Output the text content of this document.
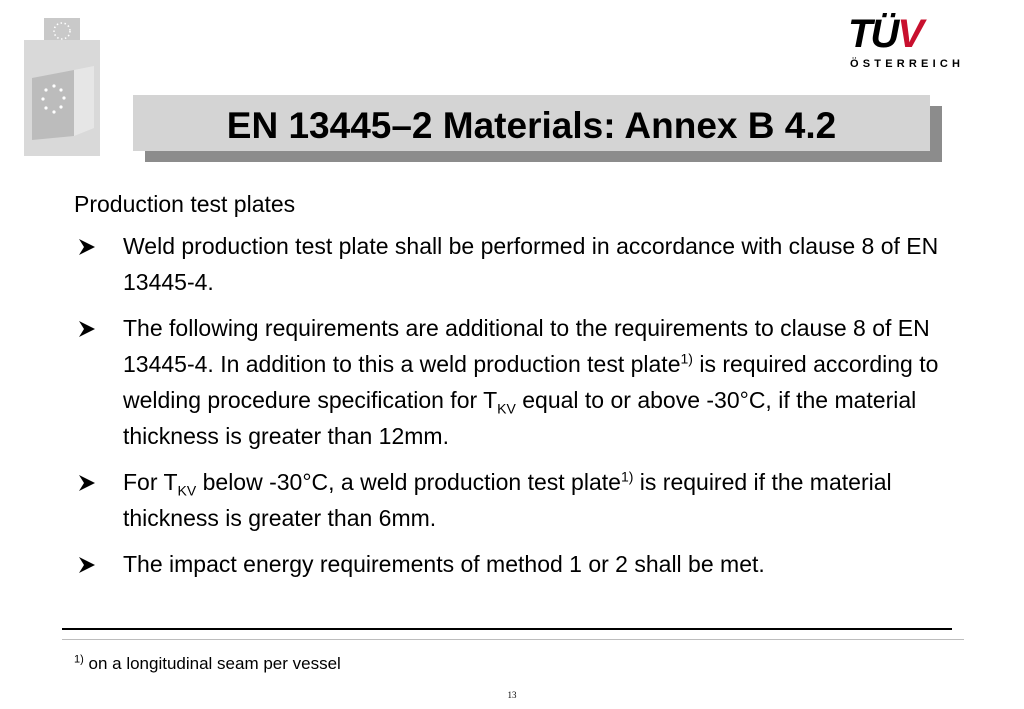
TÜV
ÖSTERREICH
EN 13445–2 Materials: Annex B 4.2
Production test plates
Weld production test plate shall be performed in accordance with clause 8 of EN 13445-4.
The following requirements are additional to the requirements to clause 8 of EN 13445-4. In addition to this a weld production test plate$^{1)}$ is required according to welding procedure specification for $T_{KV}$ equal to or above -30°C, if the material thickness is greater than 12mm.
For $T_{KV}$ below -30°C, a weld production test plate$^{1)}$ is required if the material thickness is greater than 6mm.
The impact energy requirements of method 1 or 2 shall be met.
$^{1)}$ on a longitudinal seam per vessel
13
